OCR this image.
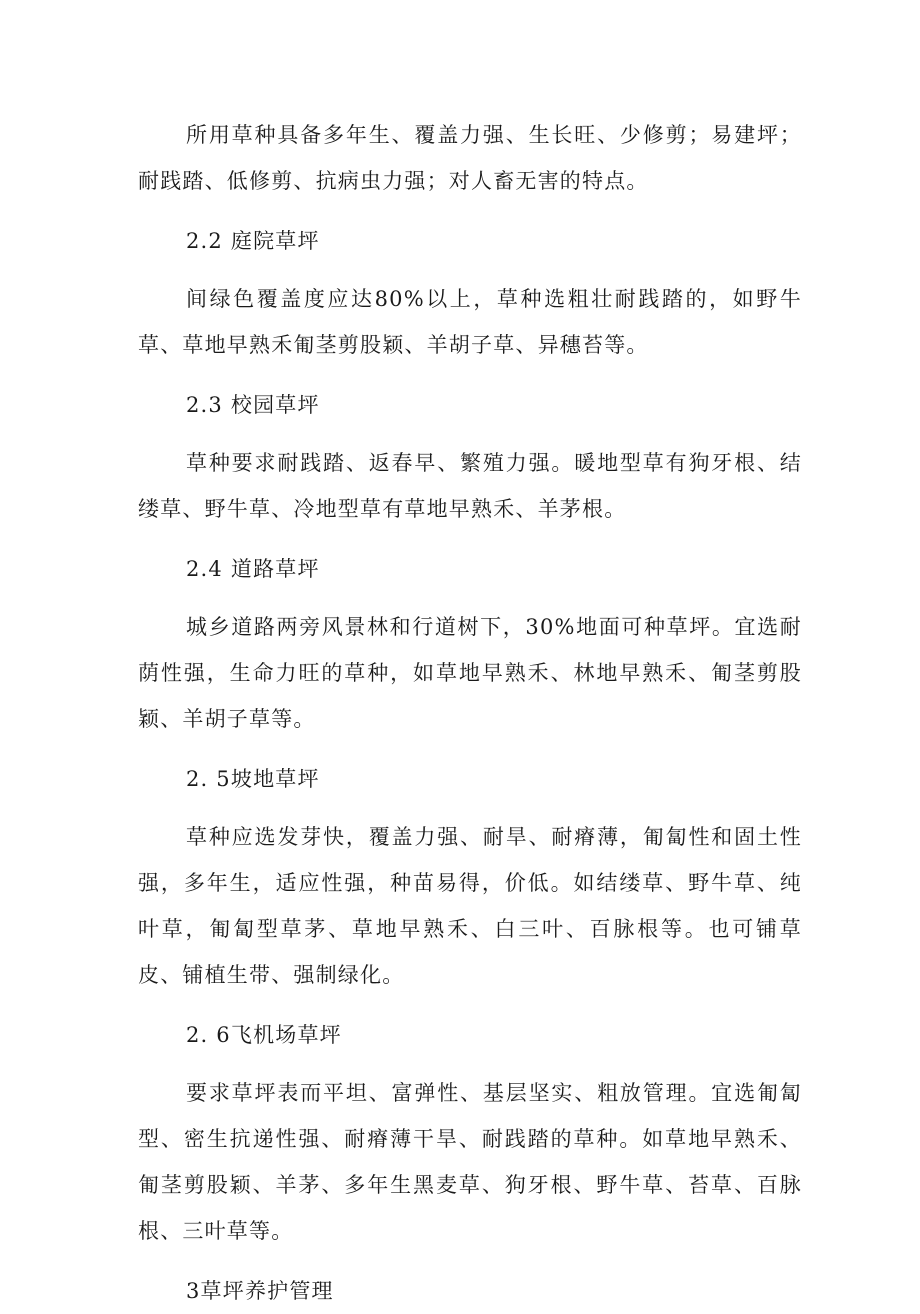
所用草种具备多年生、覆盖力强、生长旺、少修剪；易建坪；耐践踏、低修剪、抗病虫力强；对人畜无害的特点。

2.2 庭院草坪

间绿色覆盖度应达80%以上，草种选粗壮耐践踏的，如野牛草、草地早熟禾匍茎剪股颖、羊胡子草、异穗苔等。

2.3 校园草坪

草种要求耐践踏、返春早、繁殖力强。暖地型草有狗牙根、结缕草、野牛草、冷地型草有草地早熟禾、羊茅根。

2.4 道路草坪

城乡道路两旁风景林和行道树下，30%地面可种草坪。宜选耐荫性强，生命力旺的草种，如草地早熟禾、林地早熟禾、匍茎剪股颖、羊胡子草等。

2. 5坡地草坪

草种应选发芽快，覆盖力强、耐旱、耐瘠薄，匍匐性和固土性强，多年生，适应性强，种苗易得，价低。如结缕草、野牛草、纯叶草，匍匐型草茅、草地早熟禾、白三叶、百脉根等。也可铺草皮、铺植生带、强制绿化。

2. 6飞机场草坪

要求草坪表而平坦、富弹性、基层坚实、粗放管理。宜选匍匐型、密生抗递性强、耐瘠薄干旱、耐践踏的草种。如草地早熟禾、匍茎剪股颖、羊茅、多年生黑麦草、狗牙根、野牛草、苔草、百脉根、三叶草等。

3草坪养护管理
